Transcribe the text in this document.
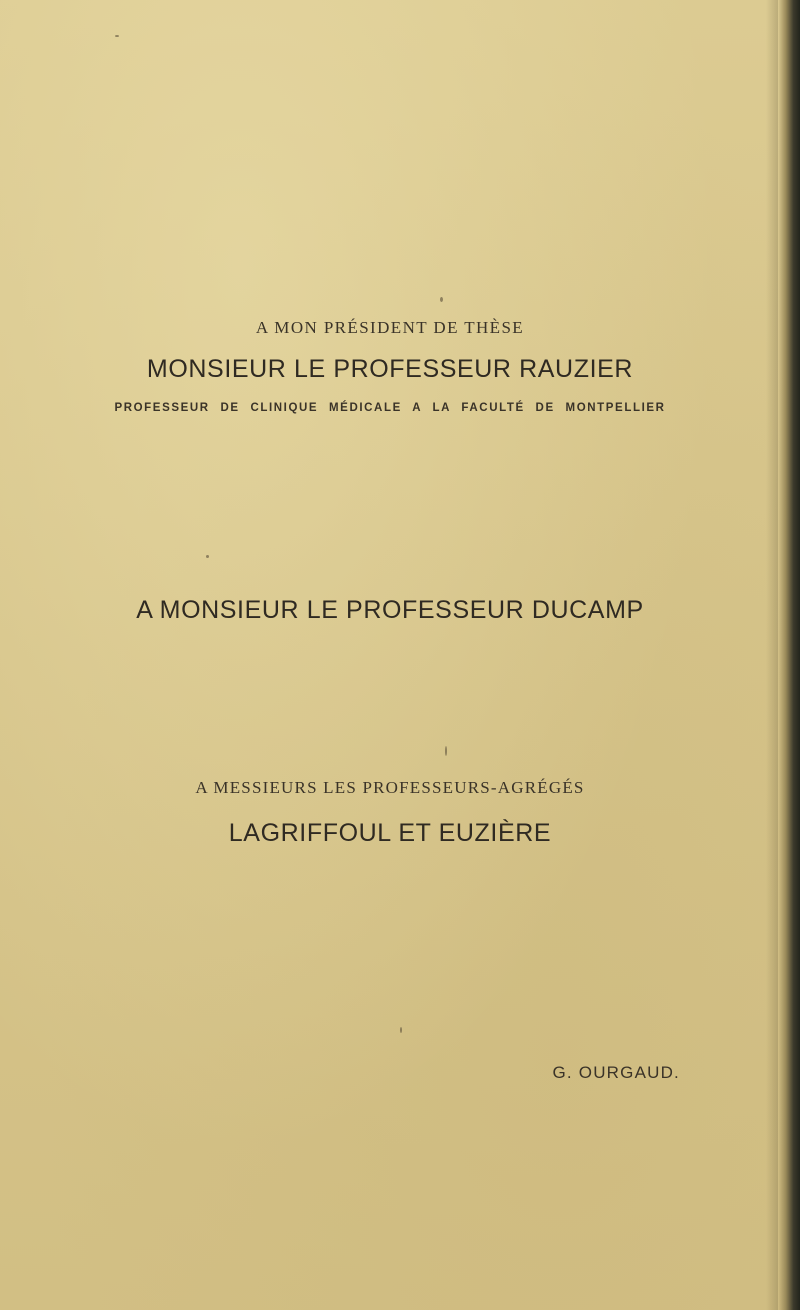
A MON PRÉSIDENT DE THÈSE

MONSIEUR LE PROFESSEUR RAUZIER

PROFESSEUR DE CLINIQUE MÉDICALE A LA FACULTÉ DE MONTPELLIER

A MONSIEUR LE PROFESSEUR DUCAMP

A MESSIEURS LES PROFESSEURS-AGRÉGÉS

LAGRIFFOUL ET EUZIÈRE

G. OURGAUD.
